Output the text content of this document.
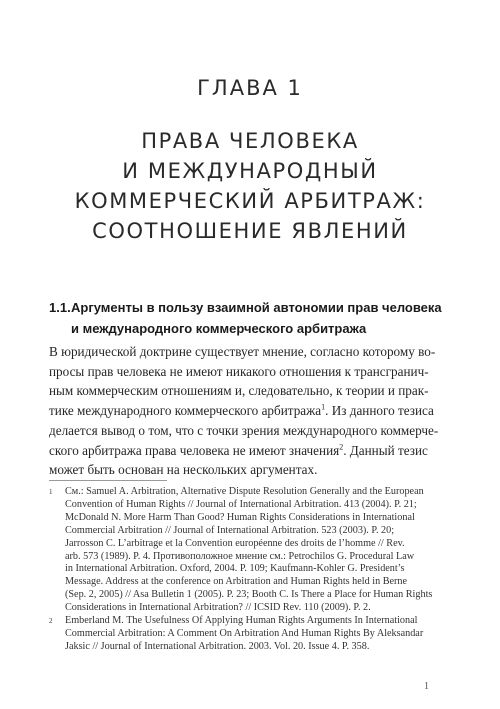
ГЛАВА 1
ПРАВА ЧЕЛОВЕКА
И МЕЖДУНАРОДНЫЙ
КОММЕРЧЕСКИЙ АРБИТРАЖ:
СООТНОШЕНИЕ ЯВЛЕНИЙ
1.1.Аргументы в пользу взаимной автономии прав человека
и международного коммерческого арбитража
В юридической доктрине существует мнение, согласно которому во-
просы прав человека не имеют никакого отношения к трансгранич-
ным коммерческим отношениям и, следовательно, к теории и прак-
тике международного коммерческого арбитража$^1$. Из данного тезиса
делается вывод о том, что с точки зрения международного коммерче-
ского арбитража права человека не имеют значения$^2$. Данный тезис
может быть основан на нескольких аргументах.
1 См.: Samuel A. Arbitration, Alternative Dispute Resolution Generally and the European
Convention of Human Rights // Journal of International Arbitration. 413 (2004). P. 21;
McDonald N. More Harm Than Good? Human Rights Considerations in International
Commercial Arbitration // Journal of International Arbitration. 523 (2003). P. 20;
Jarrosson C. L’arbitrage et la Convention européenne des droits de l’homme // Rev.
arb. 573 (1989). P. 4. Противоположное мнение см.: Petrochilos G. Procedural Law
in International Arbitration. Oxford, 2004. P. 109; Kaufmann-Kohler G. President’s
Message. Address at the conference on Arbitration and Human Rights held in Berne
(Sep. 2, 2005) // Asa Bulletin 1 (2005). P. 23; Booth C. Is There a Place for Human Rights
Considerations in International Arbitration? // ICSID Rev. 110 (2009). P. 2.
2 Emberland M. The Usefulness Of Applying Human Rights Arguments In International
Commercial Arbitration: A Comment On Arbitration And Human Rights By Aleksandar
Jaksic // Journal of International Arbitration. 2003. Vol. 20. Issue 4. P. 358.
1
